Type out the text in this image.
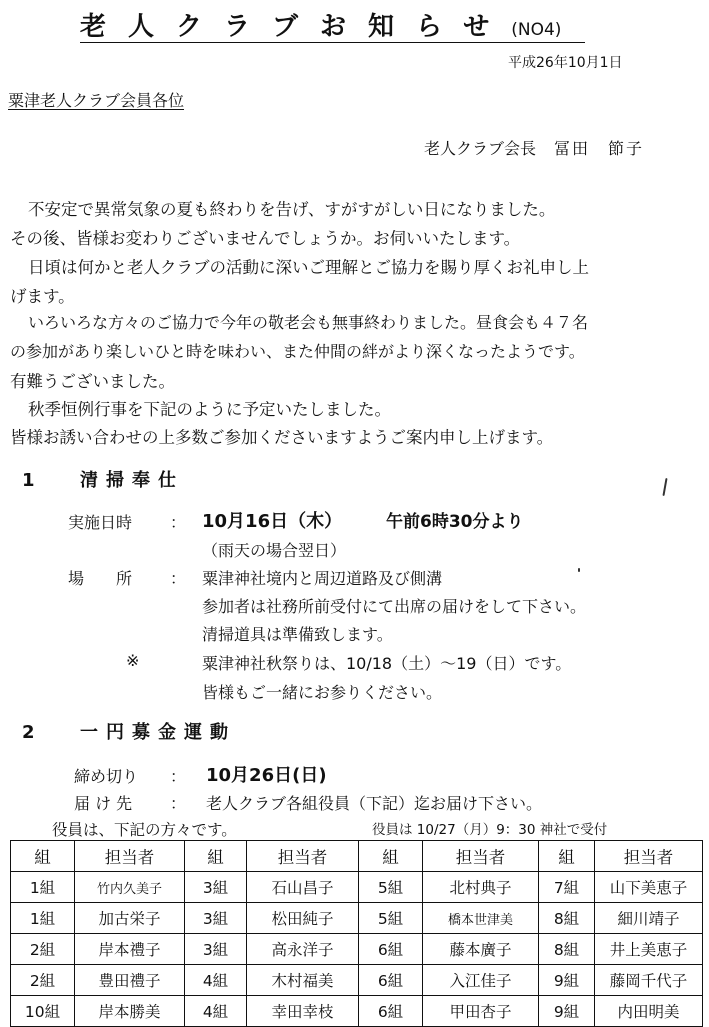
老人クラブお知らせ(NO4)
平成26年10月1日
粟津老人クラブ会員各位
老人クラブ会長 冨田　節子
不安定で異常気象の夏も終わりを告げ、すがすがしい日になりました。
その後、皆様お変わりございませんでしょうか。お伺いいたします。
日頃は何かと老人クラブの活動に深いご理解とご協力を賜り厚くお礼申し上
げます。
いろいろな方々のご協力で今年の敬老会も無事終わりました。昼食会も４７名
の参加があり楽しいひと時を味わい、また仲間の絆がより深くなったようです。
有難うございました。
秋季恒例行事を下記のように予定いたしました。
皆様お誘い合わせの上多数ご参加くださいますようご案内申し上げます。
1	清掃奉仕
実施日時 ： 10月16日（木）	午前6時30分より
（雨天の場合翌日）
場　　所 ： 粟津神社境内と周辺道路及び側溝
参加者は社務所前受付にて出席の届けをして下さい。
清掃道具は準備致します。
※	粟津神社秋祭りは、10/18（土）～19（日）です。
皆様もご一緒にお参りください。
2	一円募金運動
締め切り ： 10月26日(日)
届 け 先 ： 老人クラブ各組役員（下記）迄お届け下さい。
役員は、下記の方々です。	役員は 10/27（月）9：30 神社で受付
組	担当者	組	担当者	組	担当者	組	担当者
1組	竹内久美子	3組	石山昌子	5組	北村典子	7組	山下美恵子
1組	加古栄子	3組	松田純子	5組	橋本世津美	8組	細川靖子
2組	岸本禮子	3組	高永洋子	6組	藤本廣子	8組	井上美恵子
2組	豊田禮子	4組	木村福美	6組	入江佳子	9組	藤岡千代子
10組	岸本勝美	4組	幸田幸枝	6組	甲田杏子	9組	内田明美
